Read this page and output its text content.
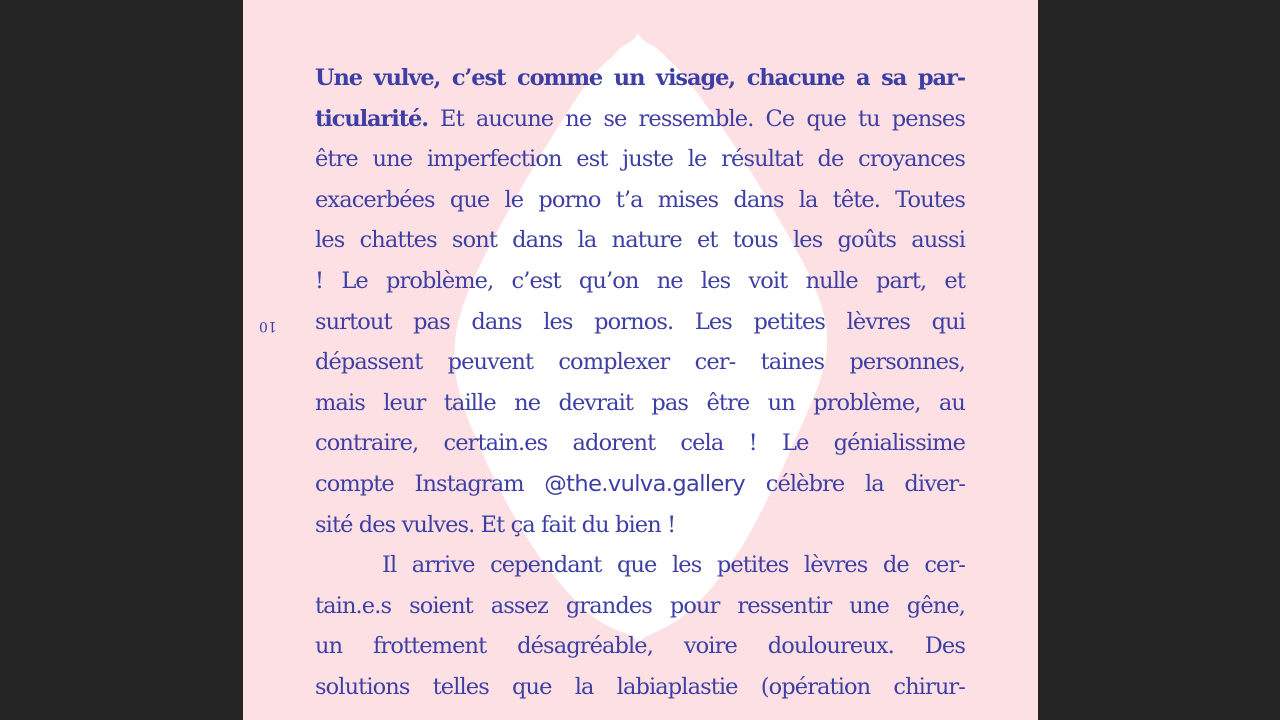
10
Une vulve, c’est comme un visage, chacune a sa par-
ticularité. Et aucune ne se ressemble. Ce que tu penses
être une imperfection est juste le résultat de croyances
exacerbées que le porno t’a mises dans la tête. Toutes
les chattes sont dans la nature et tous les goûts aussi
! Le problème, c’est qu’on ne les voit nulle part, et
surtout pas dans les pornos. Les petites lèvres qui
dépassent peuvent complexer cer- taines personnes,
mais leur taille ne devrait pas être un problème, au
contraire, certain.es adorent cela ! Le génialissime
compte Instagram @the.vulva.gallery célèbre la diver-
sité des vulves. Et ça fait du bien !
Il arrive cependant que les petites lèvres de cer-
tain.e.s soient assez grandes pour ressentir une gêne,
un frottement désagréable, voire douloureux. Des
solutions telles que la labiaplastie (opération chirur-
